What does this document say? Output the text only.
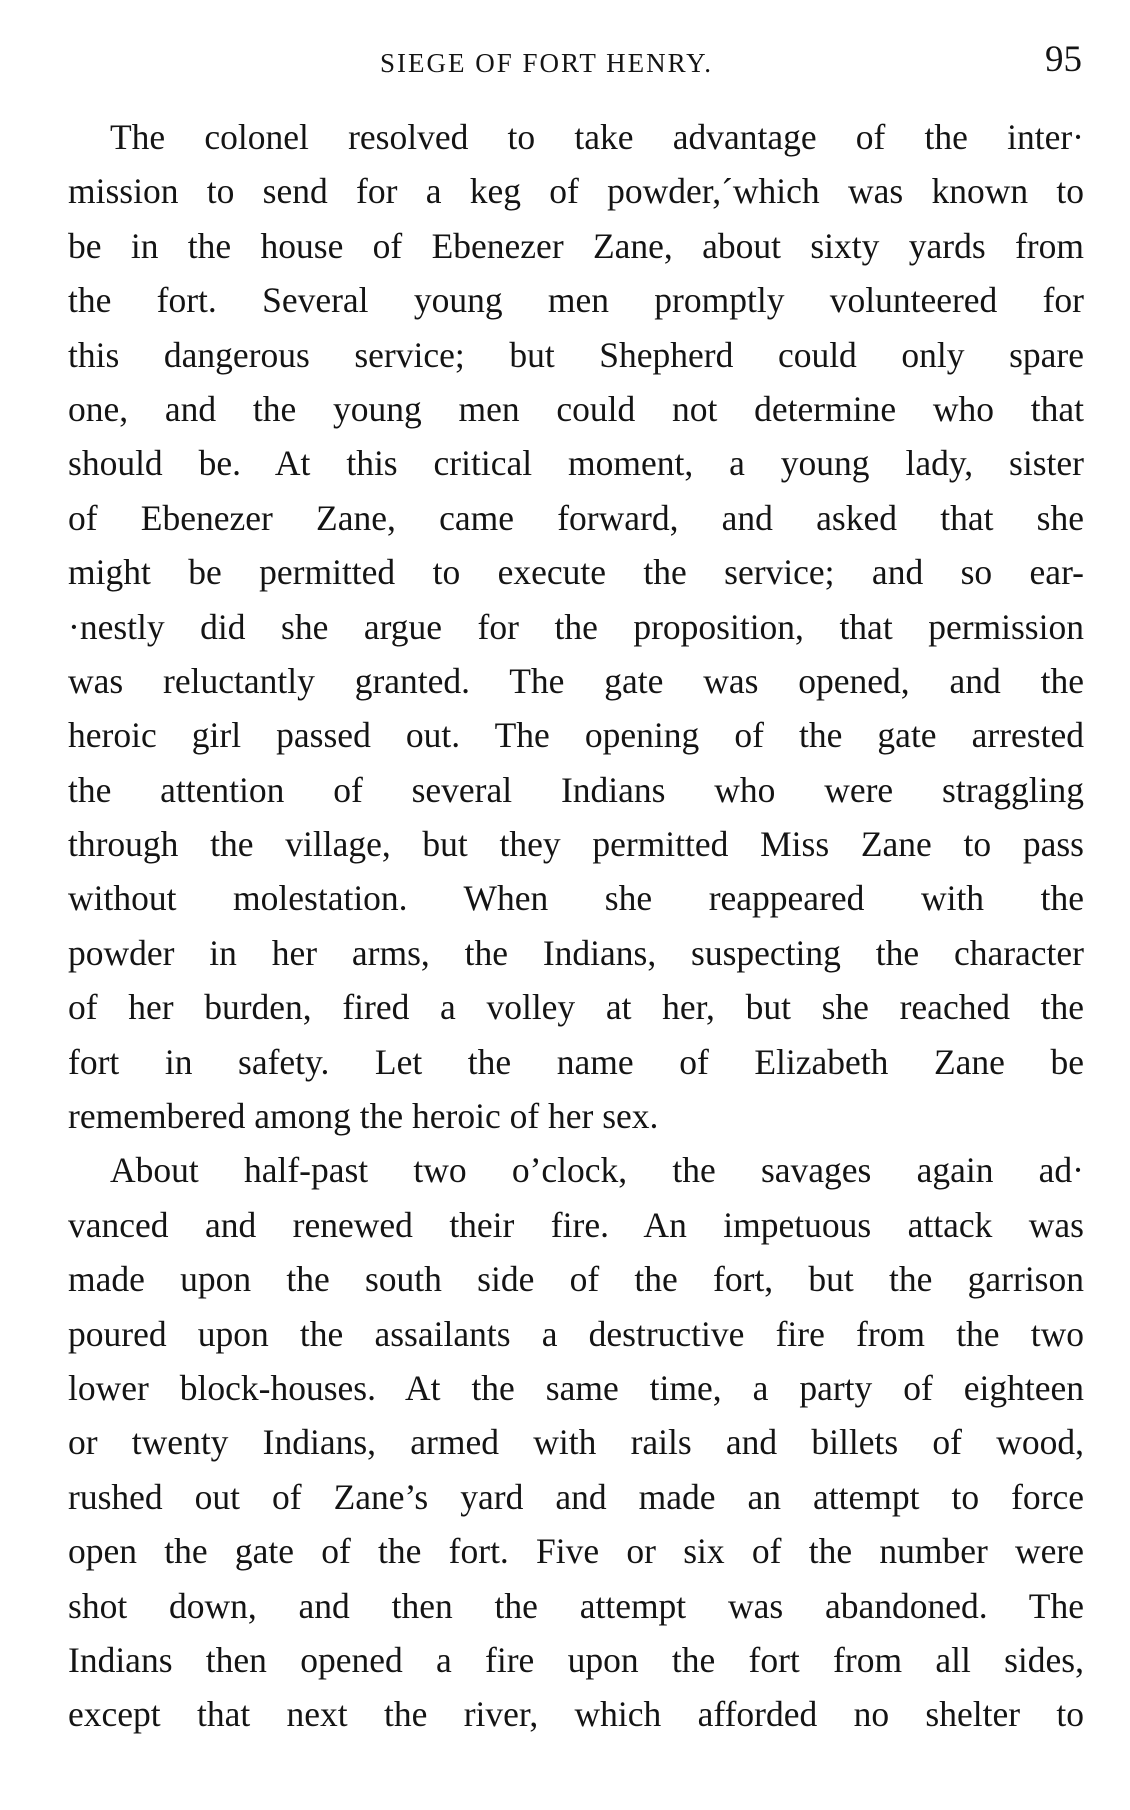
SIEGE OF FORT HENRY.	95
The colonel resolved to take advantage of the inter·
mission to send for a keg of powder,´which was known to
be in the house of Ebenezer Zane, about sixty yards from
the fort. Several young men promptly volunteered for
this dangerous service; but Shepherd could only spare
one, and the young men could not determine who that
should be. At this critical moment, a young lady, sister
of Ebenezer Zane, came forward, and asked that she
might be permitted to execute the service; and so ear-
·nestly did she argue for the proposition, that permission
was reluctantly granted. The gate was opened, and the
heroic girl passed out. The opening of the gate arrested
the attention of several Indians who were straggling
through the village, but they permitted Miss Zane to pass
without molestation. When she reappeared with the
powder in her arms, the Indians, suspecting the character
of her burden, fired a volley at her, but she reached the
fort in safety. Let the name of Elizabeth Zane be
remembered among the heroic of her sex.
About half-past two o’clock, the savages again ad·
vanced and renewed their fire. An impetuous attack was
made upon the south side of the fort, but the garrison
poured upon the assailants a destructive fire from the two
lower block-houses. At the same time, a party of eighteen
or twenty Indians, armed with rails and billets of wood,
rushed out of Zane’s yard and made an attempt to force
open the gate of the fort. Five or six of the number were
shot down, and then the attempt was abandoned. The
Indians then opened a fire upon the fort from all sides,
except that next the river, which afforded no shelter to
